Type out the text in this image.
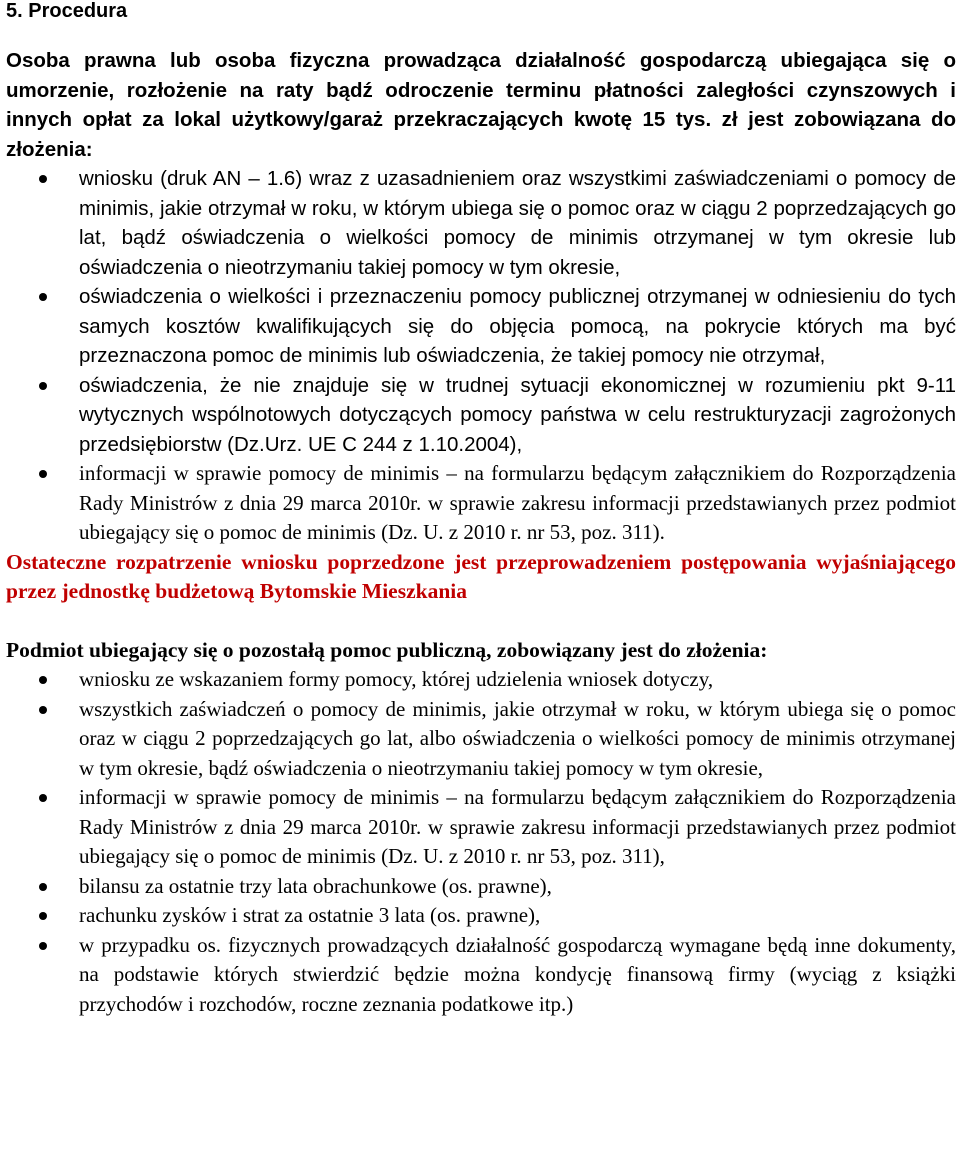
5. Procedura

Osoba prawna lub osoba fizyczna prowadząca działalność gospodarczą ubiegająca się o umorzenie, rozłożenie na raty bądź odroczenie terminu płatności zaległości czynszowych i innych opłat za lokal użytkowy/garaż przekraczających kwotę 15 tys. zł jest zobowiązana do złożenia:

wniosku (druk AN – 1.6) wraz z uzasadnieniem oraz wszystkimi zaświadczeniami o pomocy de minimis, jakie otrzymał w roku, w którym ubiega się o pomoc oraz w ciągu 2 poprzedzających go lat, bądź oświadczenia o wielkości pomocy de minimis otrzymanej w tym okresie lub oświadczenia o nieotrzymaniu takiej pomocy w tym okresie,
oświadczenia o wielkości i przeznaczeniu pomocy publicznej otrzymanej w odniesieniu do tych samych kosztów kwalifikujących się do objęcia pomocą, na pokrycie których ma być przeznaczona pomoc de minimis lub oświadczenia, że takiej pomocy nie otrzymał,
oświadczenia, że nie znajduje się w trudnej sytuacji ekonomicznej w rozumieniu pkt 9-11 wytycznych wspólnotowych dotyczących pomocy państwa w celu restrukturyzacji zagrożonych przedsiębiorstw (Dz.Urz. UE C 244 z 1.10.2004),
informacji w sprawie pomocy de minimis – na formularzu będącym załącznikiem do Rozporządzenia Rady Ministrów z dnia 29 marca 2010r. w sprawie zakresu informacji przedstawianych przez podmiot ubiegający się o pomoc de minimis (Dz. U. z 2010 r. nr 53, poz. 311).

Ostateczne rozpatrzenie wniosku poprzedzone jest przeprowadzeniem postępowania wyjaśniającego przez jednostkę budżetową Bytomskie Mieszkania

Podmiot ubiegający się o pozostałą pomoc publiczną, zobowiązany jest do złożenia:

wniosku ze wskazaniem formy pomocy, której udzielenia wniosek dotyczy,
wszystkich zaświadczeń o pomocy de minimis, jakie otrzymał w roku, w którym ubiega się o pomoc oraz w ciągu 2 poprzedzających go lat, albo oświadczenia o wielkości pomocy de minimis otrzymanej w tym okresie, bądź oświadczenia o nieotrzymaniu takiej pomocy w tym okresie,
informacji w sprawie pomocy de minimis – na formularzu będącym załącznikiem do Rozporządzenia Rady Ministrów z dnia 29 marca 2010r. w sprawie zakresu informacji przedstawianych przez podmiot ubiegający się o pomoc de minimis (Dz. U. z 2010 r. nr 53, poz. 311),
bilansu za ostatnie trzy lata obrachunkowe (os. prawne),
rachunku zysków i strat za ostatnie 3 lata (os. prawne),
w przypadku os. fizycznych prowadzących działalność gospodarczą wymagane będą inne dokumenty, na podstawie których stwierdzić będzie można kondycję finansową firmy (wyciąg z książki przychodów i rozchodów, roczne zeznania podatkowe itp.)
